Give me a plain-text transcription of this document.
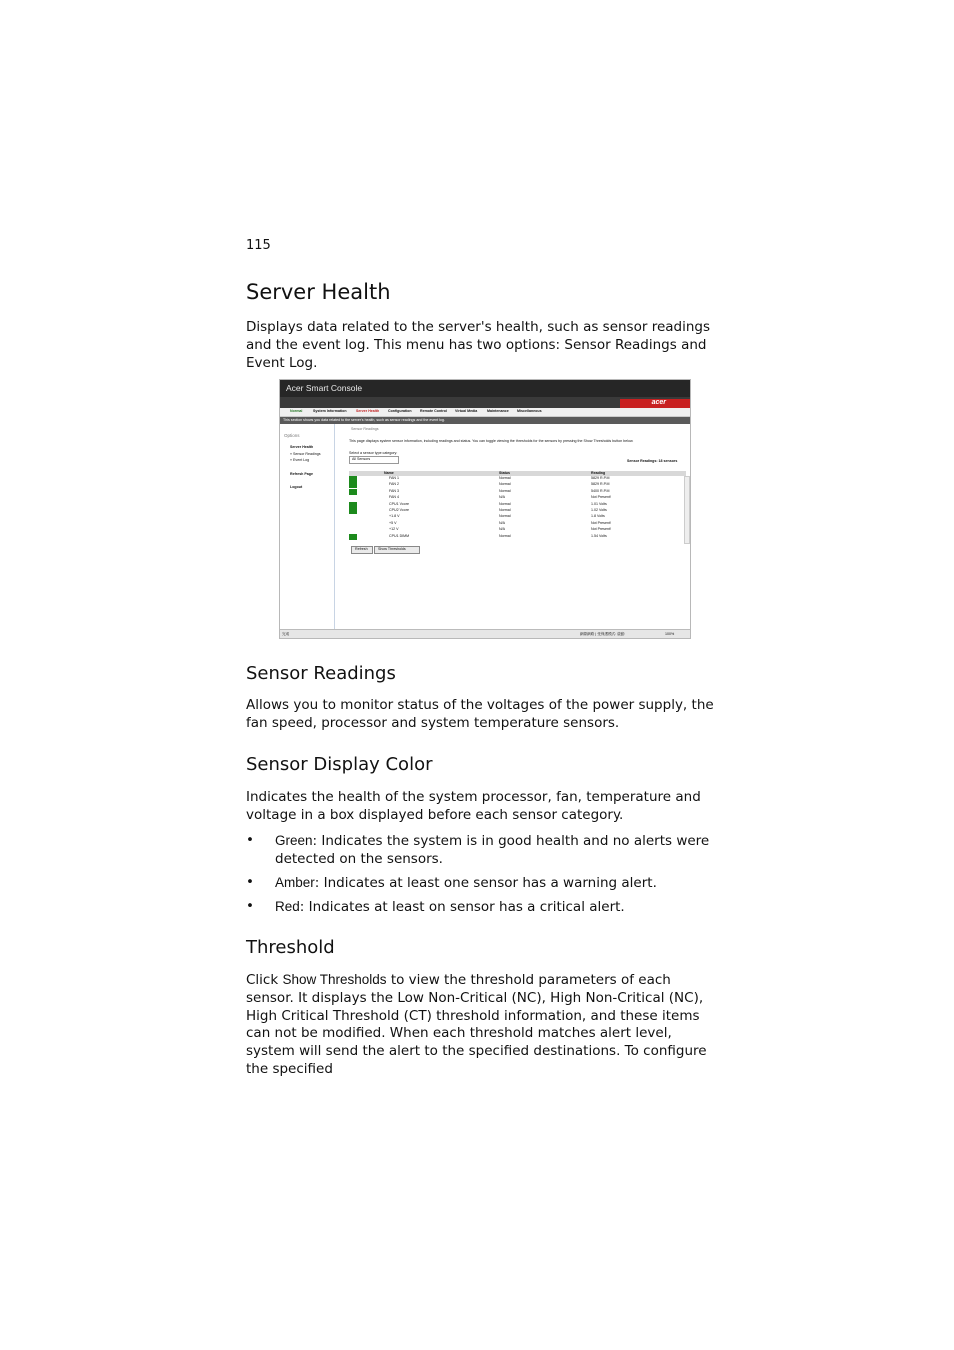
115
Server Health

Displays data related to the server's health, such as sensor readings and the event log. This menu has two options: Sensor Readings and Event Log.

Acer Smart Console
acer
Normal	System Information	Server Health Configuration Remote Control Virtual Media	Maintenance Miscellaneous
This section shows you data related to the server's health, such as sensor readings and the event log.
Options
Server Health
» Sensor Readings
» Event Log
Refresh Page
Logout
Sensor Readings
This page displays system sensor information, including readings and status. You can toggle viewing the thresholds for the sensors by pressing the Show Thresholds button below.
Select a sensor type category:
All Sensors	Sensor Readings: 18 sensors
Name	Status	Reading
FAN 1	Normal	5829 R.P.M
FAN 2	Normal	5829 R.P.M
FAN 3	Normal	5400 R.P.M
FAN 4	N/A	Not Present!
CPU1 Vcore	Normal	1.01 Volts
CPU2 Vcore	Normal	1.02 Volts
+1.8 V	Normal	1.8 Volts
+5 V	N/A	Not Present!
+12 V	N/A	Not Present!
CPU1 DIMM	Normal	1.54 Volts
Refresh	Show Thresholds
完成	網際網路 | 受保護模式: 啟動	100%
Sensor Readings

Allows you to monitor status of the voltages of the power supply, the fan speed, processor and system temperature sensors.

Sensor Display Color

Indicates the health of the system processor, fan, temperature and voltage in a box displayed before each sensor category.

• Green: Indicates the system is in good health and no alerts were detected on the sensors.
• Amber: Indicates at least one sensor has a warning alert.
• Red: Indicates at least on sensor has a critical alert.
Threshold

Click Show Thresholds to view the threshold parameters of each sensor. It displays the Low Non-Critical (NC), High Non-Critical (NC), High Critical Threshold (CT) threshold information, and these items can not be modified. When each threshold matches alert level, system will send the alert to the specified destinations. To configure the specified
